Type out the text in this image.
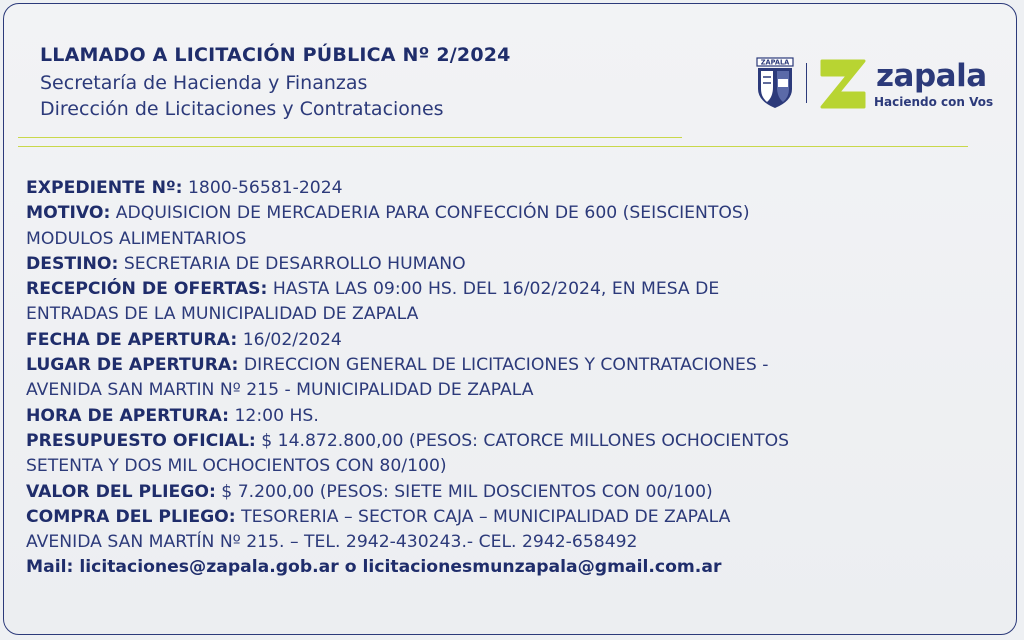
LLAMADO A LICITACIÓN PÚBLICA Nº 2/2024
Secretaría de Hacienda y Finanzas
Dirección de Licitaciones y Contrataciones
ZAPALA	zapala
Haciendo con Vos

EXPEDIENTE Nº: 1800-56581-2024

MOTIVO: ADQUISICION DE MERCADERIA PARA CONFECCIÓN DE 600 (SEISCIENTOS)

MODULOS ALIMENTARIOS

DESTINO: SECRETARIA DE DESARROLLO HUMANO

RECEPCIÓN DE OFERTAS: HASTA LAS 09:00 HS. DEL 16/02/2024, EN MESA DE

ENTRADAS DE LA MUNICIPALIDAD DE ZAPALA

FECHA DE APERTURA: 16/02/2024

LUGAR DE APERTURA: DIRECCION GENERAL DE LICITACIONES Y CONTRATACIONES -

AVENIDA SAN MARTIN Nº 215 - MUNICIPALIDAD DE ZAPALA

HORA DE APERTURA: 12:00 HS.

PRESUPUESTO OFICIAL: $ 14.872.800,00 (PESOS: CATORCE MILLONES OCHOCIENTOS

SETENTA Y DOS MIL OCHOCIENTOS CON 80/100)

VALOR DEL PLIEGO: $ 7.200,00 (PESOS: SIETE MIL DOSCIENTOS CON 00/100)

COMPRA DEL PLIEGO: TESORERIA – SECTOR CAJA – MUNICIPALIDAD DE ZAPALA

AVENIDA SAN MARTÍN Nº 215. – TEL. 2942-430243.- CEL. 2942-658492

Mail: licitaciones@zapala.gob.ar o licitacionesmunzapala@gmail.com.ar
